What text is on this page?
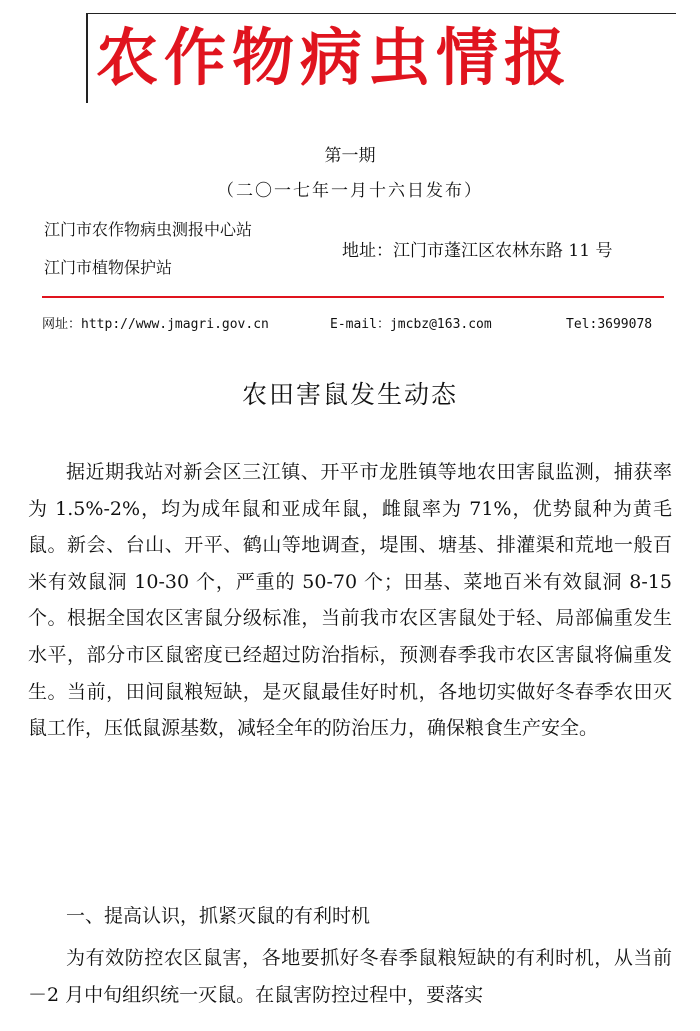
农作物病虫情报
第一期
（二〇一七年一月十六日发布）
江门市农作物病虫测报中心站
江门市植物保护站
地址：江门市蓬江区农林东路 11 号
网址：http://www.jmagri.gov.cn	E-mail：jmcbz@163.com	Tel:3699078
农田害鼠发生动态

据近期我站对新会区三江镇、开平市龙胜镇等地农田害鼠监测，捕获率为 1.5%-2%，均为成年鼠和亚成年鼠，雌鼠率为 71%，优势鼠种为黄毛鼠。新会、台山、开平、鹤山等地调查，堤围、塘基、排灌渠和荒地一般百米有效鼠洞 10-30 个，严重的 50-70 个；田基、菜地百米有效鼠洞 8-15 个。根据全国农区害鼠分级标准，当前我市农区害鼠处于轻、局部偏重发生水平，部分市区鼠密度已经超过防治指标，预测春季我市农区害鼠将偏重发生。当前，田间鼠粮短缺，是灭鼠最佳好时机，各地切实做好冬春季农田灭鼠工作，压低鼠源基数，减轻全年的防治压力，确保粮食生产安全。

一、提高认识，抓紧灭鼠的有利时机

为有效防控农区鼠害，各地要抓好冬春季鼠粮短缺的有利时机，从当前－2 月中旬组织统一灭鼠。在鼠害防控过程中，要落实
